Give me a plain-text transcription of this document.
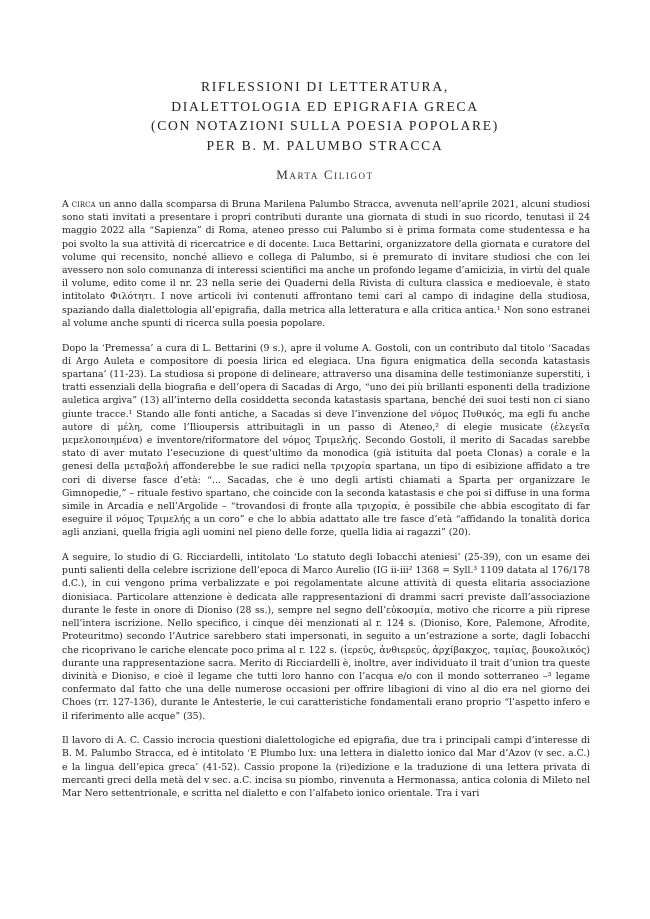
RIFLESSIONI DI LETTERATURA,
DIALETTOLOGIA ED EPIGRAFIA GRECA
(CON NOTAZIONI SULLA POESIA POPOLARE)
PER B. M. PALUMBO STRACCA
Marta Ciligot

A circa un anno dalla scomparsa di Bruna Marilena Palumbo Stracca, avvenuta nell’aprile 2021, alcuni studiosi sono stati invitati a presentare i propri contributi durante una giornata di studi in suo ricordo, tenutasi il 24 maggio 2022 alla “Sapienza” di Roma, ateneo presso cui Palumbo si è prima formata come studentessa e ha poi svolto la sua attività di ricercatrice e di docente. Luca Bettarini, organizzatore della giornata e curatore del volume qui recensito, nonché allievo e collega di Palumbo, si è premurato di invitare studiosi che con lei avessero non solo comunanza di interessi scientifici ma anche un profondo legame d’amicizia, in virtù del quale il volume, edito come il nr. 23 nella serie dei Quaderni della Rivista di cultura classica e medioevale, è stato intitolato Φιλότητι. I nove articoli ivi contenuti affrontano temi cari al campo di indagine della studiosa, spaziando dalla dialettologia all’epigrafia, dalla metrica alla letteratura e alla critica antica.¹ Non sono estranei al volume anche spunti di ricerca sulla poesia popolare.

Dopo la ‘Premessa’ a cura di L. Bettarini (9 s.), apre il volume A. Gostoli, con un contributo dal titolo ‘Sacadas di Argo Auleta e compositore di poesia lirica ed elegiaca. Una figura enigmatica della seconda katastasis spartana’ (11-23). La studiosa si propone di delineare, attraverso una disamina delle testimonianze superstiti, i tratti essenziali della biografia e dell’opera di Sacadas di Argo, “uno dei più brillanti esponenti della tradizione auletica argiva” (13) all’interno della cosiddetta seconda katastasis spartana, benché dei suoi testi non ci siano giunte tracce.¹ Stando alle fonti antiche, a Sacadas si deve l’invenzione del νόμος Πυθικός, ma egli fu anche autore di μέλη, come l’Ilioupersis attribuitagli in un passo di Ateneo,² di elegie musicate (ἐλεγεῖα μεμελοποιημένα) e inventore/riformatore del νόμος Τριμελής. Secondo Gostoli, il merito di Sacadas sarebbe stato di aver mutato l’esecuzione di quest’ultimo da monodica (già istituita dal poeta Clonas) a corale e la genesi della μεταβολή affonderebbe le sue radici nella τριχορία spartana, un tipo di esibizione affidato a tre cori di diverse fasce d’età: “... Sacadas, che è uno degli artisti chiamati a Sparta per organizzare le Gimnopedie,” – rituale festivo spartano, che coincide con la seconda katastasis e che poi si diffuse in una forma simile in Arcadia e nell’Argolide – “trovandosi di fronte alla τριχορία, è possibile che abbia escogitato di far eseguire il νόμος Τριμελής a un coro” e che lo abbia adattato alle tre fasce d’età “affidando la tonalità dorica agli anziani, quella frigia agli uomini nel pieno delle forze, quella lidia ai ragazzi” (20).

A seguire, lo studio di G. Ricciardelli, intitolato ‘Lo statuto degli Iobacchi ateniesi’ (25-39), con un esame dei punti salienti della celebre iscrizione dell’epoca di Marco Aurelio (IG ii-iii² 1368 = Syll.³ 1109 datata al 176/178 d.C.), in cui vengono prima verbalizzate e poi regolamentate alcune attività di questa elitaria associazione dionisiaca. Particolare attenzione è dedicata alle rappresentazioni di drammi sacri previste dall’associazione durante le feste in onore di Dioniso (28 ss.), sempre nel segno dell’εὐκοσμία, motivo che ricorre a più riprese nell’intera iscrizione. Nello specifico, i cinque dèi menzionati al r. 124 s. (Dioniso, Kore, Palemone, Afrodite, Proteuritmo) secondo l’Autrice sarebbero stati impersonati, in seguito a un’estrazione a sorte, dagli Iobacchi che ricoprivano le cariche elencate poco prima al r. 122 s. (ἱερεύς, ἀνθιερεύς, ἀρχίβακχος, ταμίας, βουκολικός) durante una rappresentazione sacra. Merito di Ricciardelli è, inoltre, aver individuato il trait d’union tra queste divinità e Dioniso, e cioè il legame che tutti loro hanno con l’acqua e/o con il mondo sotterraneo –³ legame confermato dal fatto che una delle numerose occasioni per offrire libagioni di vino al dio era nel giorno dei Choes (rr. 127-136), durante le Antesterie, le cui caratteristiche fondamentali erano proprio “l’aspetto infero e il riferimento alle acque” (35).

Il lavoro di A. C. Cassio incrocia questioni dialettologiche ed epigrafia, due tra i principali campi d’interesse di B. M. Palumbo Stracca, ed è intitolato ‘E Plumbo lux: una lettera in dialetto ionico dal Mar d’Azov (v sec. a.C.) e la lingua dell’epica greca’ (41-52). Cassio propone la (ri)edizione e la traduzione di una lettera privata di mercanti greci della metà del v sec. a.C. incisa su piombo, rinvenuta a Hermonassa, antica colonia di Mileto nel Mar Nero settentrionale, e scritta nel dialetto e con l’alfabeto ionico orientale. Tra i vari
